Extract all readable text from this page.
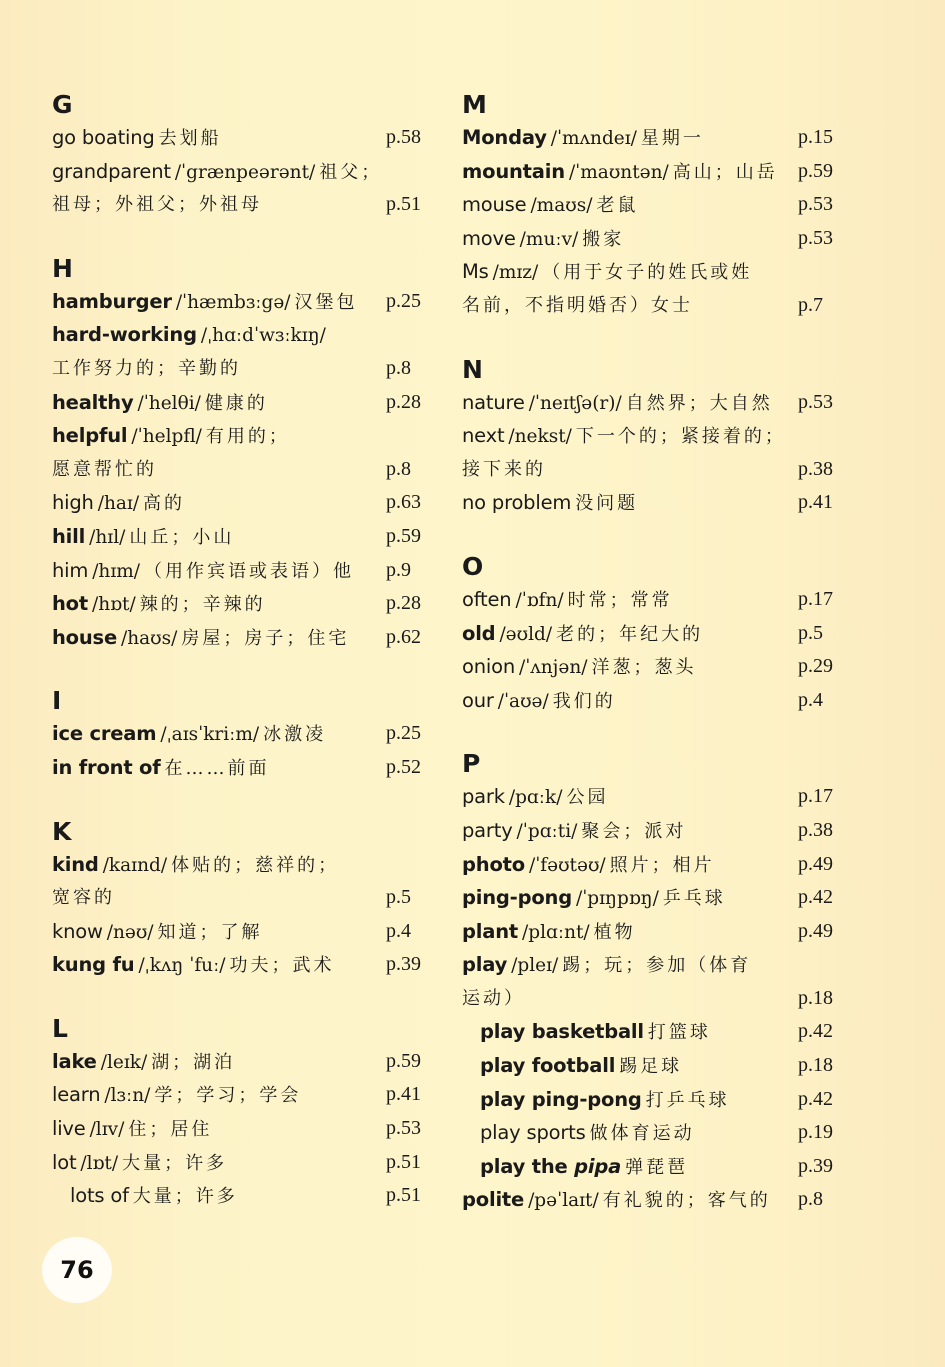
G
go boating 去划船	p.58
grandparent /ˈgrænpeərənt/ 祖父；
祖母；外祖父；外祖母	p.51
H
hamburger /ˈhæmbɜːgə/ 汉堡包 p.25
hard-working /ˌhɑːdˈwɜːkɪŋ/
工作努力的；辛勤的	p.8
healthy /ˈhelθi/ 健康的	p.28
helpful /ˈhelpfl/ 有用的；
愿意帮忙的	p.8
high /haɪ/ 高的	p.63
hill /hɪl/ 山丘；小山	p.59
him /hɪm/ （用作宾语或表语）他 p.9
hot /hɒt/ 辣的；辛辣的	p.28
house /haʊs/ 房屋；房子；住宅 p.62
I
ice cream /ˌaɪsˈkriːm/ 冰激凌	p.25
in front of 在……前面	p.52
K
kind /kaɪnd/ 体贴的；慈祥的；
宽容的	p.5
know /nəʊ/ 知道；了解	p.4
kung fu /ˌkʌŋ ˈfuː/ 功夫；武术	p.39
L
lake /leɪk/ 湖；湖泊	p.59
learn /lɜːn/ 学；学习；学会	p.41
live /lɪv/ 住；居住	p.53
lot /lɒt/ 大量；许多	p.51
lots of 大量；许多	p.51
M
Monday /ˈmʌndeɪ/ 星期一	p.15
mountain /ˈmaʊntən/ 高山；山岳 p.59
mouse /maʊs/ 老鼠	p.53
move /muːv/ 搬家	p.53
Ms /mɪz/ （用于女子的姓氏或姓
名前，不指明婚否）女士	p.7
N
nature /ˈneɪtʃə(r)/ 自然界；大自然 p.53
next /nekst/ 下一个的；紧接着的；
接下来的	p.38
no problem 没问题	p.41
O
often /ˈɒfn/ 时常；常常	p.17
old /əʊld/ 老的；年纪大的	p.5
onion /ˈʌnjən/ 洋葱；葱头	p.29
our /ˈaʊə/ 我们的	p.4
P
park /pɑːk/ 公园	p.17
party /ˈpɑːti/ 聚会；派对	p.38
photo /ˈfəʊtəʊ/ 照片；相片	p.49
ping-pong /ˈpɪŋpɒŋ/ 乒乓球	p.42
plant /plɑːnt/ 植物	p.49
play /pleɪ/ 踢；玩；参加（体育
运动）	p.18
play basketball 打篮球	p.42
play football 踢足球	p.18
play ping-pong 打乒乓球	p.42
play sports 做体育运动	p.19
play the pipa 弹琵琶	p.39
polite /pəˈlaɪt/ 有礼貌的；客气的 p.8
76
